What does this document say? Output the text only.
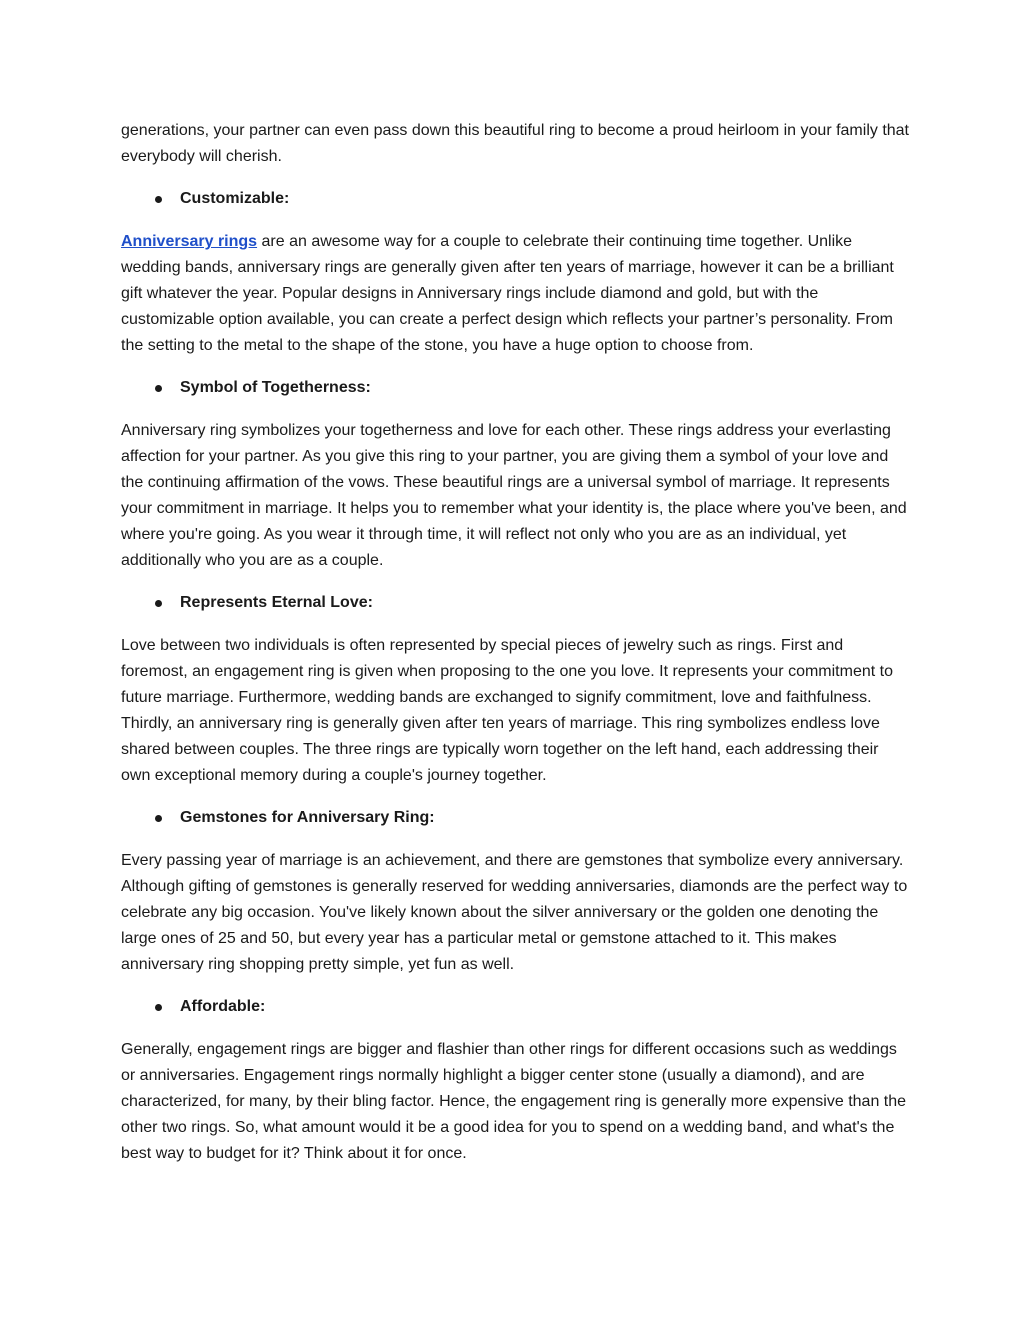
generations, your partner can even pass down this beautiful ring to become a proud heirloom in your family that everybody will cherish.

Customizable:

Anniversary rings are an awesome way for a couple to celebrate their continuing time together. Unlike wedding bands, anniversary rings are generally given after ten years of marriage, however it can be a brilliant gift whatever the year. Popular designs in Anniversary rings include diamond and gold, but with the customizable option available, you can create a perfect design which reflects your partner’s personality. From the setting to the metal to the shape of the stone, you have a huge option to choose from.

Symbol of Togetherness:

Anniversary ring symbolizes your togetherness and love for each other. These rings address your everlasting affection for your partner. As you give this ring to your partner, you are giving them a symbol of your love and the continuing affirmation of the vows. These beautiful rings are a universal symbol of marriage. It represents your commitment in marriage. It helps you to remember what your identity is, the place where you've been, and where you're going. As you wear it through time, it will reflect not only who you are as an individual, yet additionally who you are as a couple.

Represents Eternal Love:

Love between two individuals is often represented by special pieces of jewelry such as rings. First and foremost, an engagement ring is given when proposing to the one you love. It represents your commitment to future marriage. Furthermore, wedding bands are exchanged to signify commitment, love and faithfulness. Thirdly, an anniversary ring is generally given after ten years of marriage. This ring symbolizes endless love shared between couples. The three rings are typically worn together on the left hand, each addressing their own exceptional memory during a couple's journey together.

Gemstones for Anniversary Ring:

Every passing year of marriage is an achievement, and there are gemstones that symbolize every anniversary. Although gifting of gemstones is generally reserved for wedding anniversaries, diamonds are the perfect way to celebrate any big occasion. You've likely known about the silver anniversary or the golden one denoting the large ones of 25 and 50, but every year has a particular metal or gemstone attached to it. This makes anniversary ring shopping pretty simple, yet fun as well.

Affordable:

Generally, engagement rings are bigger and flashier than other rings for different occasions such as weddings or anniversaries. Engagement rings normally highlight a bigger center stone (usually a diamond), and are characterized, for many, by their bling factor. Hence, the engagement ring is generally more expensive than the other two rings. So, what amount would it be a good idea for you to spend on a wedding band, and what's the best way to budget for it? Think about it for once.
